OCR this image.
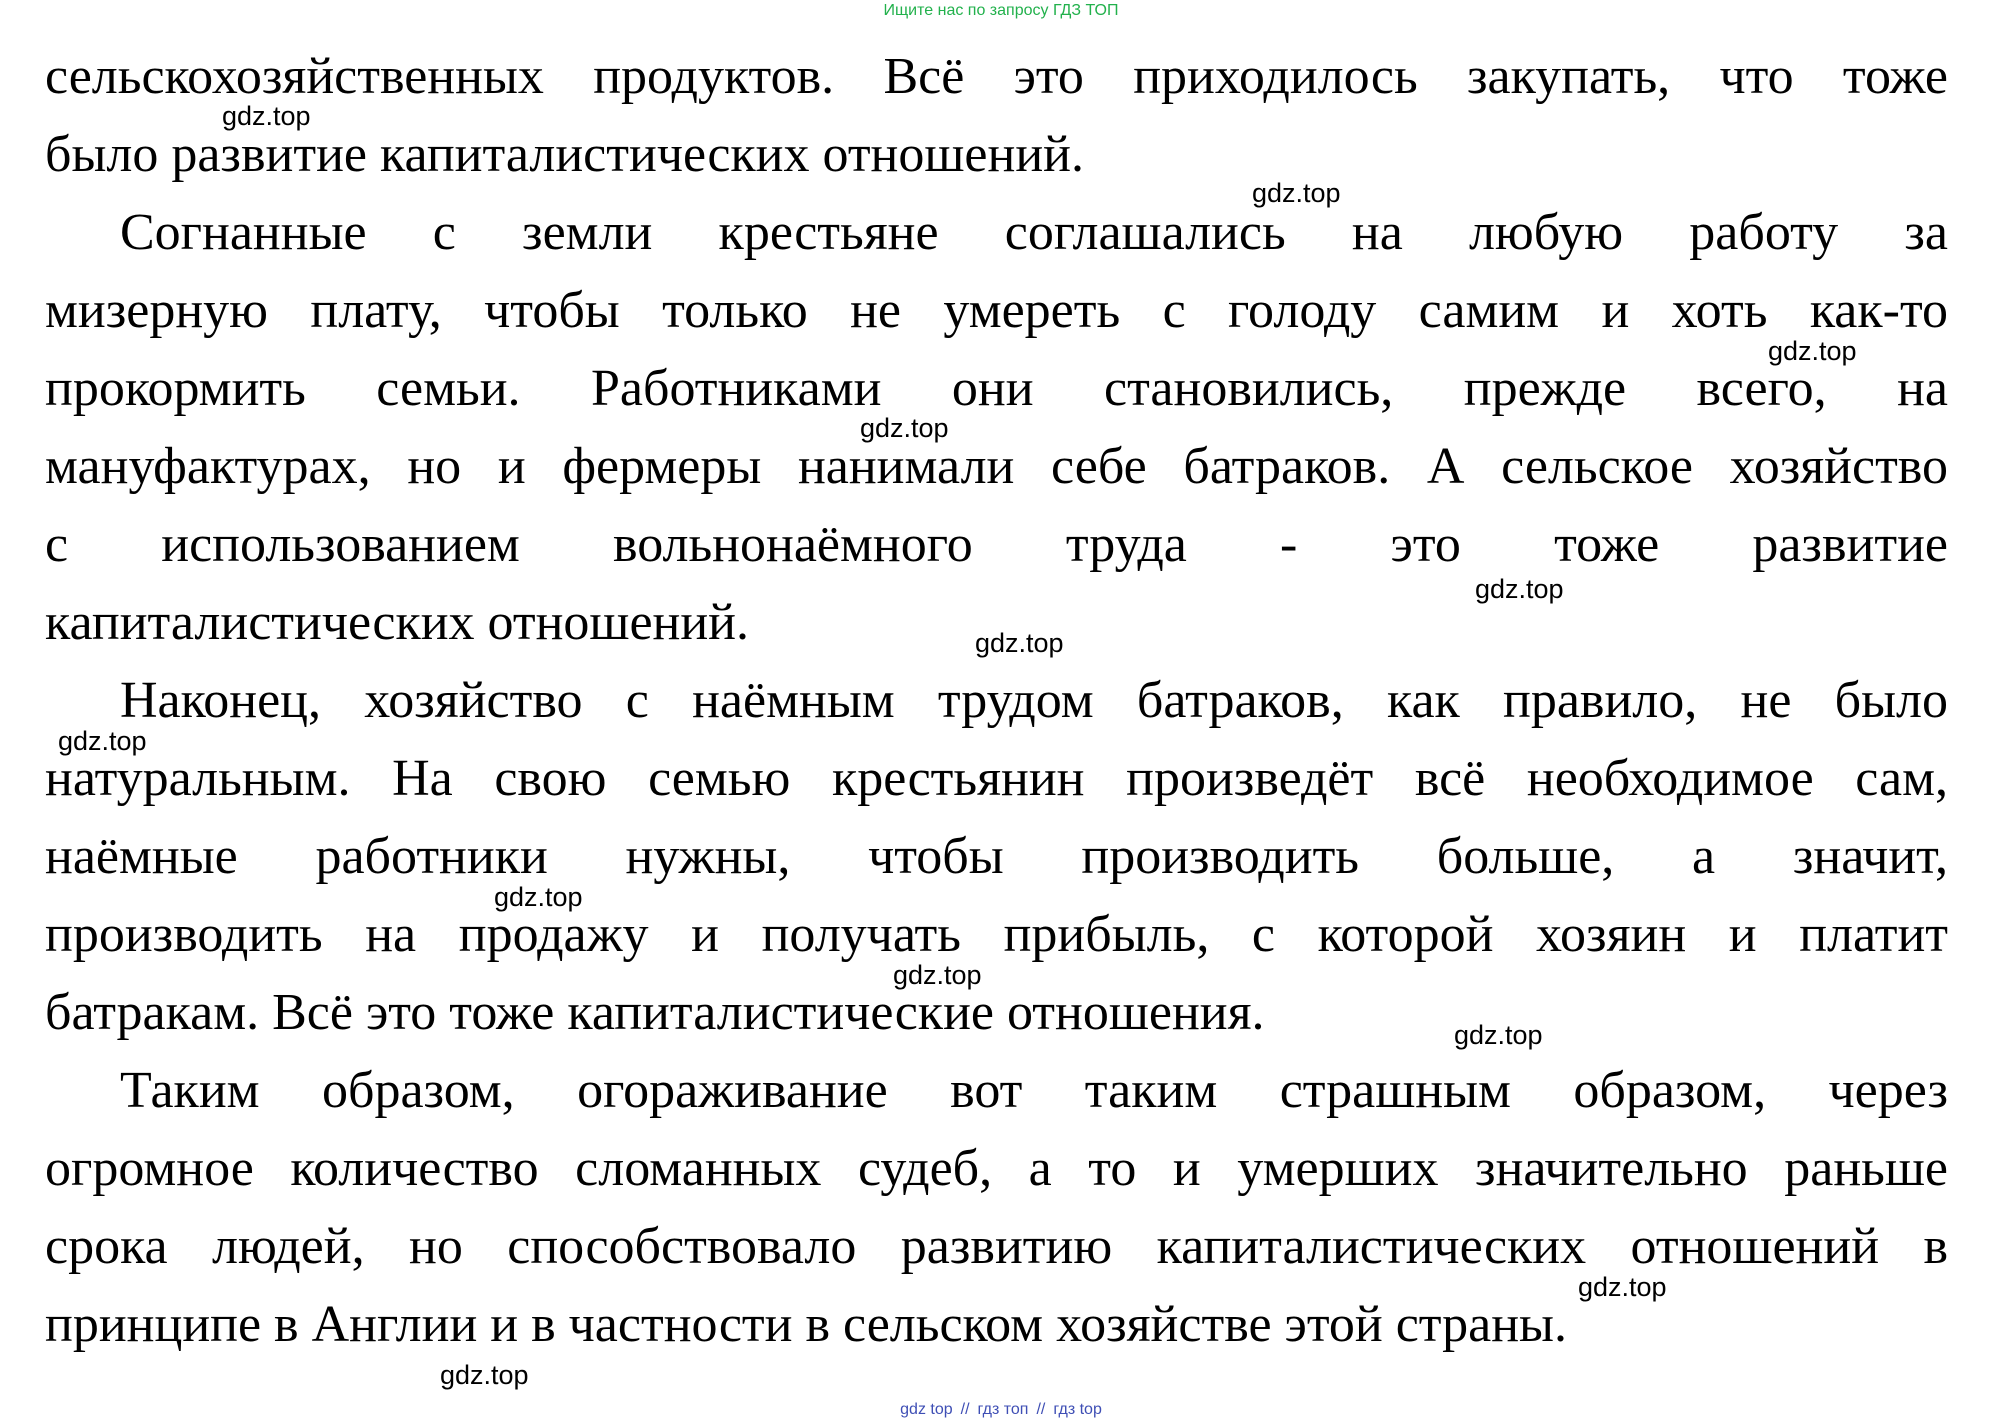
Ищите нас по запросу ГДЗ ТОП
сельскохозяйственных продуктов. Всё это приходилось закупать, что тоже
было развитие капиталистических отношений.
Согнанные с земли крестьяне соглашались на любую работу за
мизерную плату, чтобы только не умереть с голоду самим и хоть как-то
прокормить семьи. Работниками они становились, прежде всего, на
мануфактурах, но и фермеры нанимали себе батраков. А сельское хозяйство
с использованием вольнонаёмного труда - это тоже развитие
капиталистических отношений.
Наконец, хозяйство с наёмным трудом батраков, как правило, не было
натуральным. На свою семью крестьянин произведёт всё необходимое сам,
наёмные работники нужны, чтобы производить больше, а значит,
производить на продажу и получать прибыль, с которой хозяин и платит
батракам. Всё это тоже капиталистические отношения.
Таким образом, огораживание вот таким страшным образом, через
огромное количество сломанных судеб, а то и умерших значительно раньше
срока людей, но способствовало развитию капиталистических отношений в
принципе в Англии и в частности в сельском хозяйстве этой страны.
gdz.top
gdz.top
gdz.top
gdz.top
gdz.top
gdz.top
gdz.top
gdz.top
gdz.top
gdz.top
gdz.top
gdz.top
gdz top // гдз топ // гдз top
